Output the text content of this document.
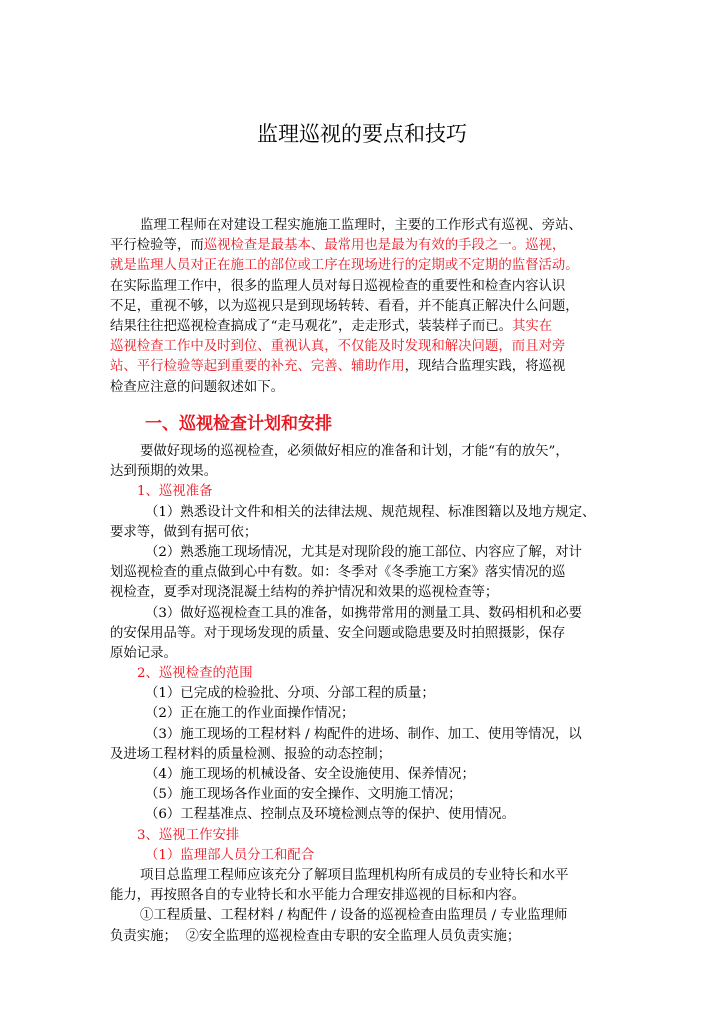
监理巡视的要点和技巧
监理工程师在对建设工程实施施工监理时，主要的工作形式有巡视、旁站、
平行检验等，而巡视检查是最基本、最常用也是最为有效的手段之一。巡视，
就是监理人员对正在施工的部位或工序在现场进行的定期或不定期的监督活动。
在实际监理工作中，很多的监理人员对每日巡视检查的重要性和检查内容认识
不足，重视不够，以为巡视只是到现场转转、看看，并不能真正解决什么问题，
结果往往把巡视检查搞成了“走马观花”，走走形式，装装样子而已。其实在
巡视检查工作中及时到位、重视认真，不仅能及时发现和解决问题，而且对旁
站、平行检验等起到重要的补充、完善、辅助作用，现结合监理实践，将巡视
检查应注意的问题叙述如下。
一、巡视检查计划和安排
要做好现场的巡视检查，必须做好相应的准备和计划，才能“有的放矢”，
达到预期的效果。
1、巡视准备
（1）熟悉设计文件和相关的法律法规、规范规程、标准图籍以及地方规定、
要求等，做到有据可依；
（2）熟悉施工现场情况，尤其是对现阶段的施工部位、内容应了解，对计
划巡视检查的重点做到心中有数。如：冬季对《冬季施工方案》落实情况的巡
视检查，夏季对现浇混凝土结构的养护情况和效果的巡视检查等；
（3）做好巡视检查工具的准备，如携带常用的测量工具、数码相机和必要
的安保用品等。对于现场发现的质量、安全问题或隐患要及时拍照摄影，保存
原始记录。
2、巡视检查的范围
（1）已完成的检验批、分项、分部工程的质量；
（2）正在施工的作业面操作情况；
（3）施工现场的工程材料 / 构配件的进场、制作、加工、使用等情况，以
及进场工程材料的质量检测、报验的动态控制；
（4）施工现场的机械设备、安全设施使用、保养情况；
（5）施工现场各作业面的安全操作、文明施工情况；
（6）工程基准点、控制点及环境检测点等的保护、使用情况。
3、巡视工作安排
（1）监理部人员分工和配合
项目总监理工程师应该充分了解项目监理机构所有成员的专业特长和水平
能力，再按照各自的专业特长和水平能力合理安排巡视的目标和内容。
①工程质量、工程材料 / 构配件 / 设备的巡视检查由监理员 / 专业监理师
负责实施；  ②安全监理的巡视检查由专职的安全监理人员负责实施；
